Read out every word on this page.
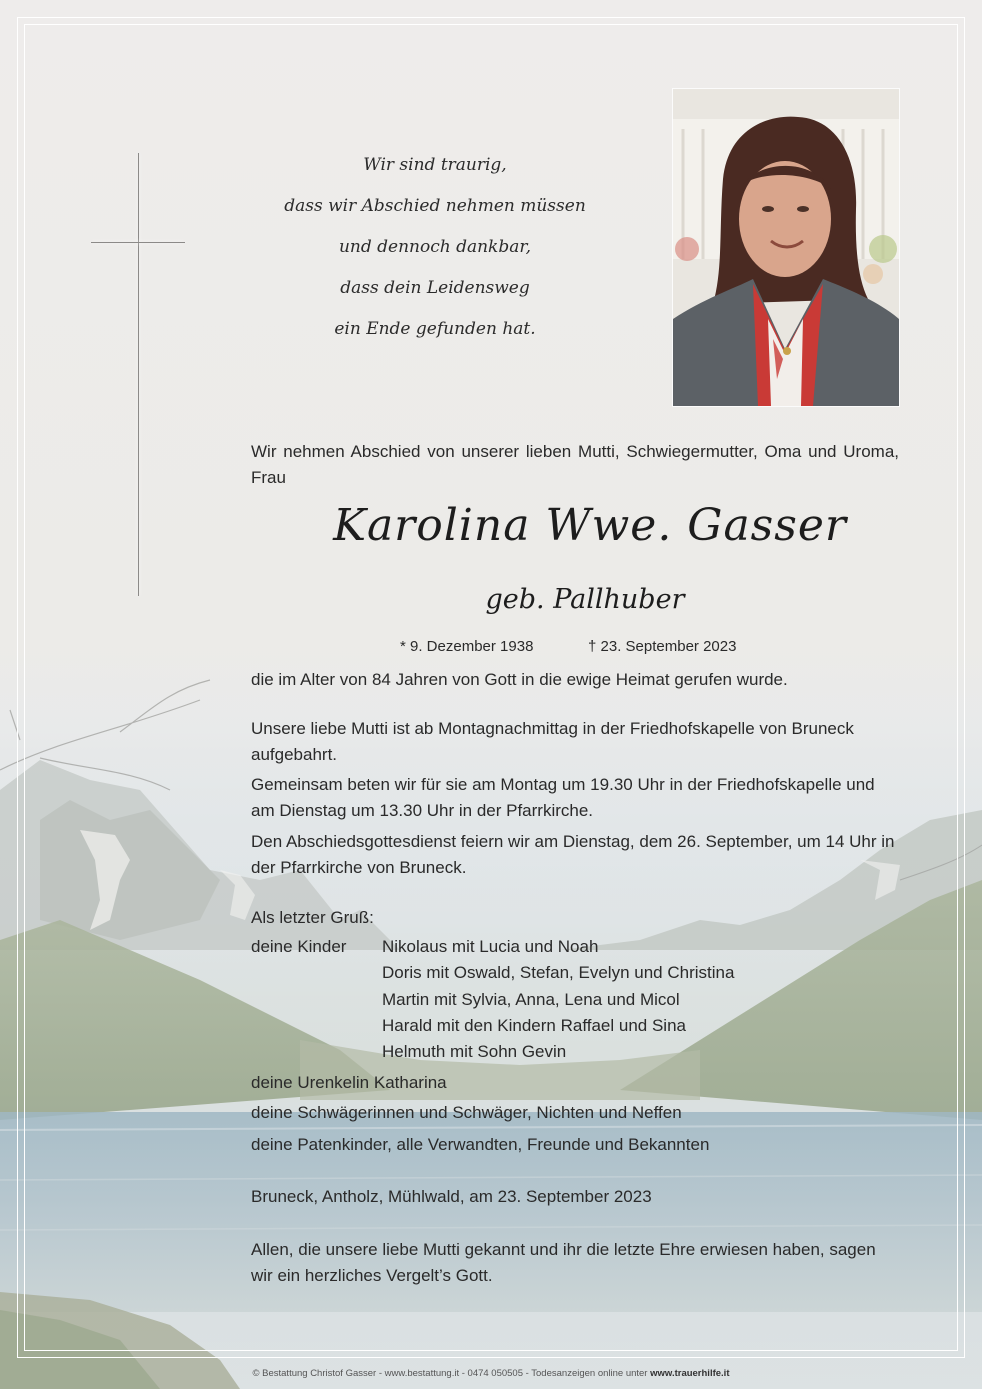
Wir sind traurig,
dass wir Abschied nehmen müssen
und dennoch dankbar,
dass dein Leidensweg
ein Ende gefunden hat.
Wir nehmen Abschied von unserer lieben Mutti, Schwiegermutter, Oma und Uroma, Frau
Karolina Wwe. Gasser
geb. Pallhuber
* 9. Dezember 1938	† 23. September 2023
die im Alter von 84 Jahren von Gott in die ewige Heimat gerufen wurde.
Unsere liebe Mutti ist ab Montagnachmittag in der Friedhofskapelle von Bruneck aufgebahrt.
Gemeinsam beten wir für sie am Montag um 19.30 Uhr in der Friedhofskapelle und am Dienstag um 13.30 Uhr in der Pfarrkirche.
Den Abschiedsgottesdienst feiern wir am Dienstag, dem 26. September, um 14 Uhr in der Pfarrkirche von Bruneck.
Als letzter Gruß:
deine Kinder Nikolaus mit Lucia und Noah
Doris mit Oswald, Stefan, Evelyn und Christina
Martin mit Sylvia, Anna, Lena und Micol
Harald mit den Kindern Raffael und Sina
Helmuth mit Sohn Gevin
deine Urenkelin Katharina
deine Schwägerinnen und Schwäger, Nichten und Neffen
deine Patenkinder, alle Verwandten, Freunde und Bekannten
Bruneck, Antholz, Mühlwald, am 23. September 2023
Allen, die unsere liebe Mutti gekannt und ihr die letzte Ehre erwiesen haben, sagen wir ein herzliches Vergelt’s Gott.
© Bestattung Christof Gasser - www.bestattung.it - 0474 050505 - Todesanzeigen online unter www.trauerhilfe.it
